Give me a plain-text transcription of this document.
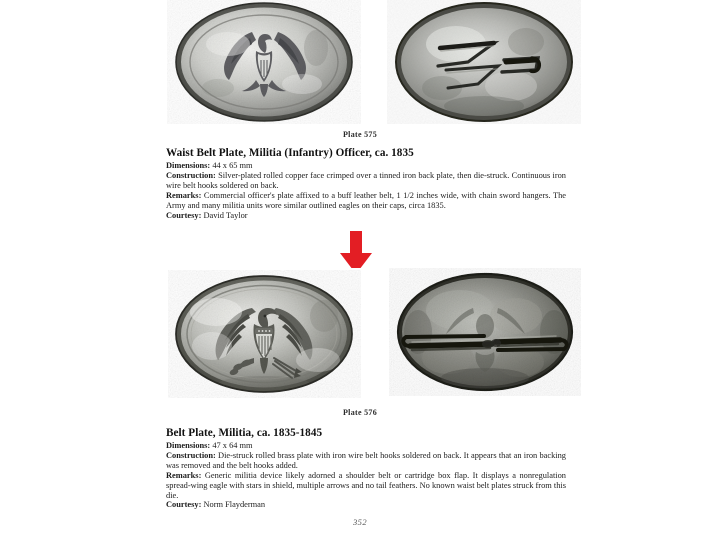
Plate 575
Waist Belt Plate, Militia (Infantry) Officer, ca. 1835

Dimensions: 44 x 65 mm

Construction: Silver-plated rolled copper face crimped over a tinned iron back plate, then die-struck. Continuous iron wire belt hooks soldered on back.

Remarks: Commercial officer's plate affixed to a buff leather belt, 1 1/2 inches wide, with chain sword hangers. The Army and many militia units wore similar outlined eagles on their caps, circa 1835.

Courtesy: David Taylor

Plate 576
Belt Plate, Militia, ca. 1835-1845

Dimensions: 47 x 64 mm

Construction: Die-struck rolled brass plate with iron wire belt hooks soldered on back. It appears that an iron backing was removed and the belt hooks added.

Remarks: Generic militia device likely adorned a shoulder belt or cartridge box flap. It displays a nonregulation spread-wing eagle with stars in shield, multiple arrows and no tail feathers. No known waist belt plates struck from this die.

Courtesy: Norm Flayderman

352
